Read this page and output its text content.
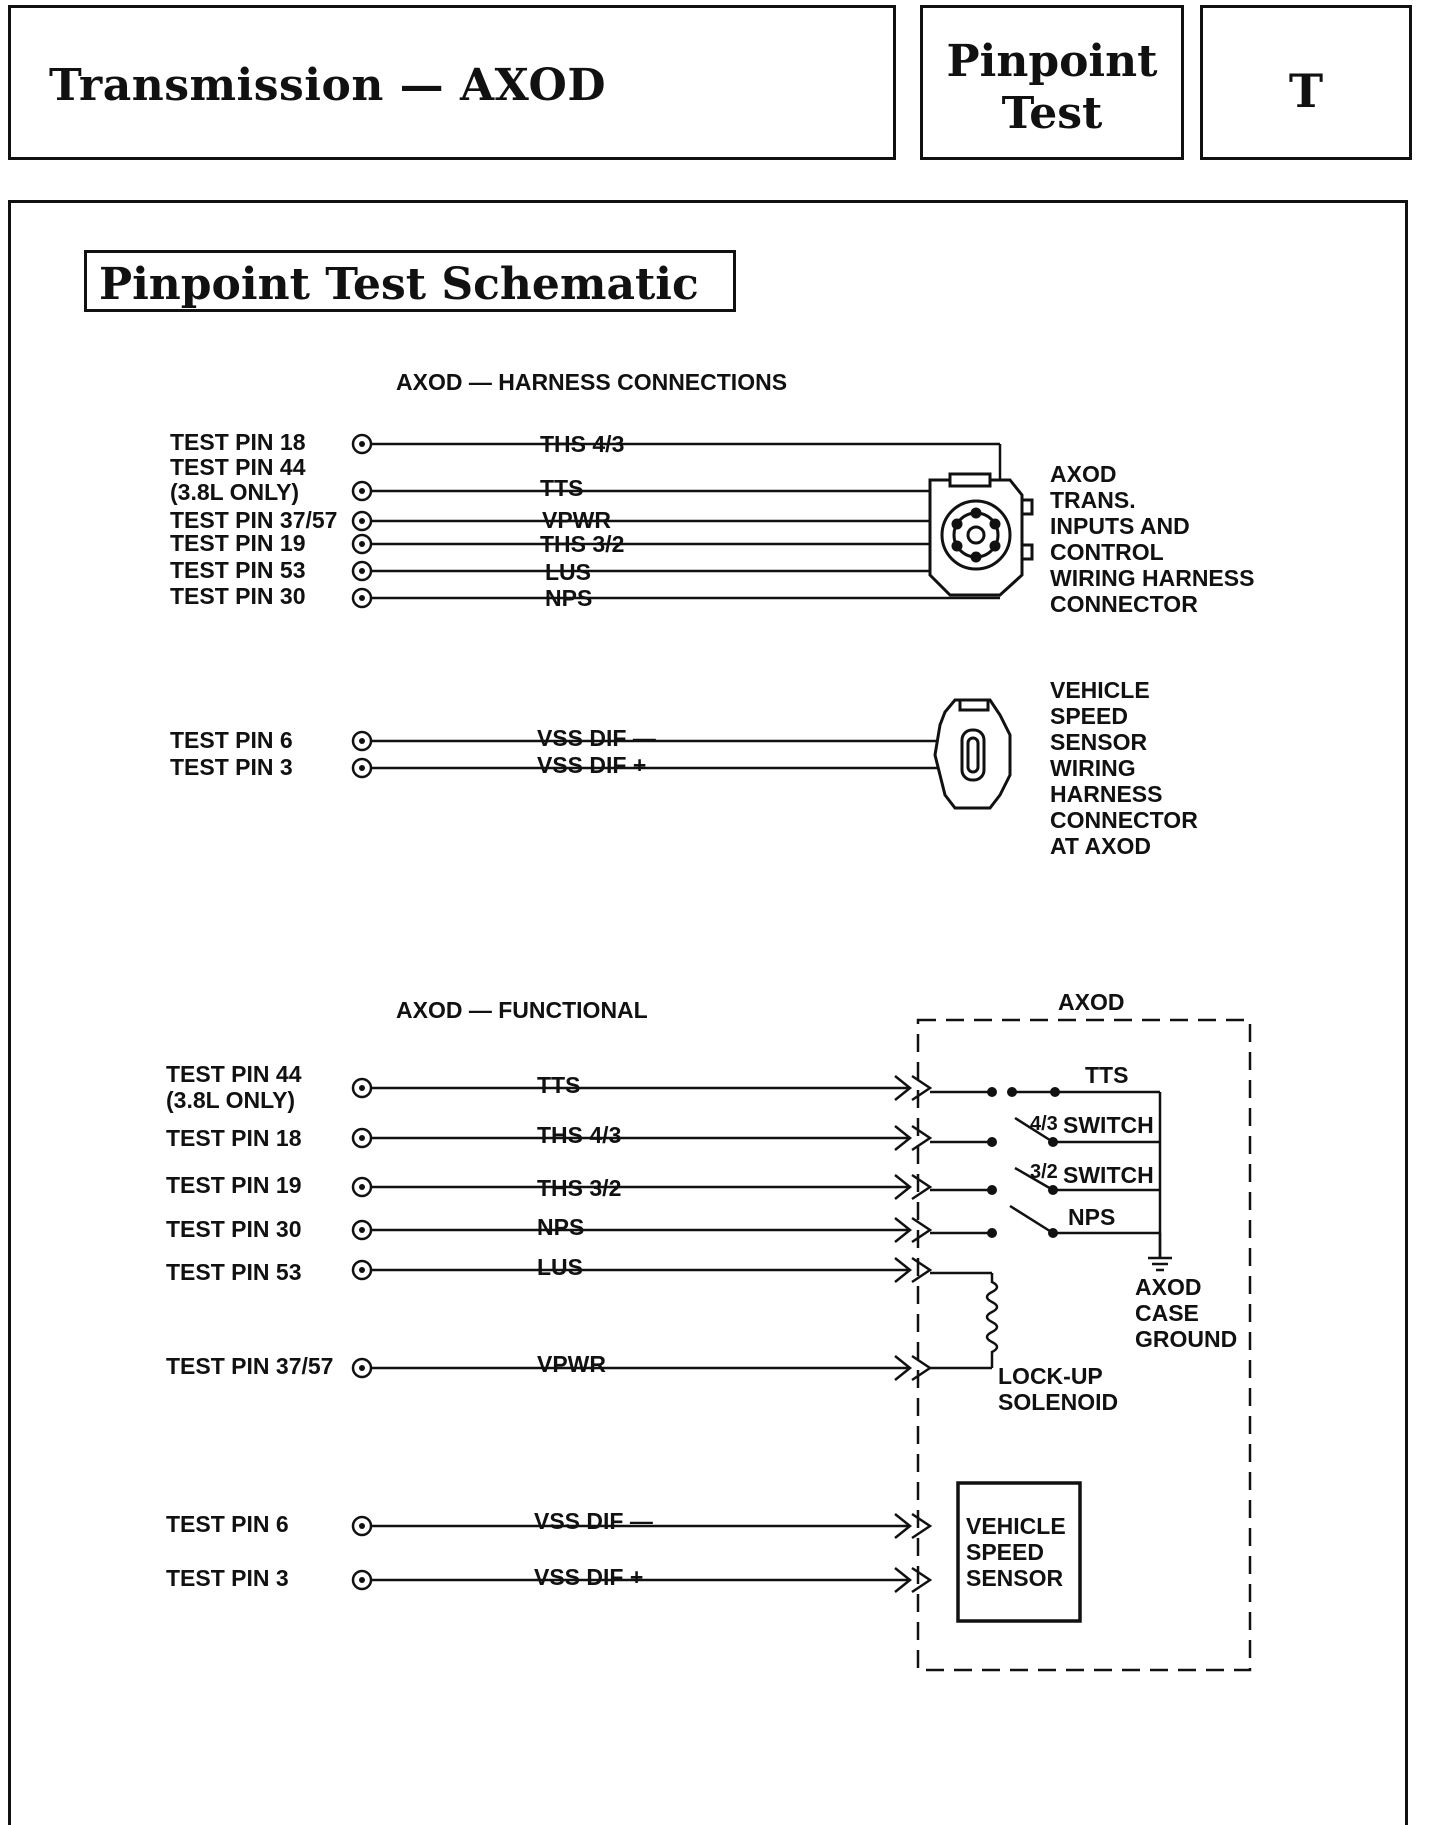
Transmission — AXOD	Pinpoint
Test	T
Pinpoint Test Schematic
AXOD — HARNESS CONNECTIONS
TEST PIN 18
TEST PIN 44
(3.8L ONLY)
TEST PIN 37/57
TEST PIN 19
TEST PIN 53
TEST PIN 30
THS 4/3
TTS
VPWR
THS 3/2
LUS
NPS
AXOD
TRANS.
INPUTS AND
CONTROL
WIRING HARNESS
CONNECTOR
TEST PIN 6
TEST PIN 3
VSS DIF —
VSS DIF +
VEHICLE
SPEED
SENSOR
WIRING
HARNESS
CONNECTOR
AT AXOD
AXOD — FUNCTIONAL	AXOD
TEST PIN 44
(3.8L ONLY)
TEST PIN 18
TEST PIN 19
TEST PIN 30
TEST PIN 53
TEST PIN 37/57
TTS
THS 4/3
THS 3/2
NPS
LUS
VPWR
TEST PIN 6
TEST PIN 3
VSS DIF —
VSS DIF +
TTS
4/3 SWITCH
3/2 SWITCH
NPS
AXOD
CASE
GROUND
LOCK-UP
SOLENOID
VEHICLE
SPEED
SENSOR
